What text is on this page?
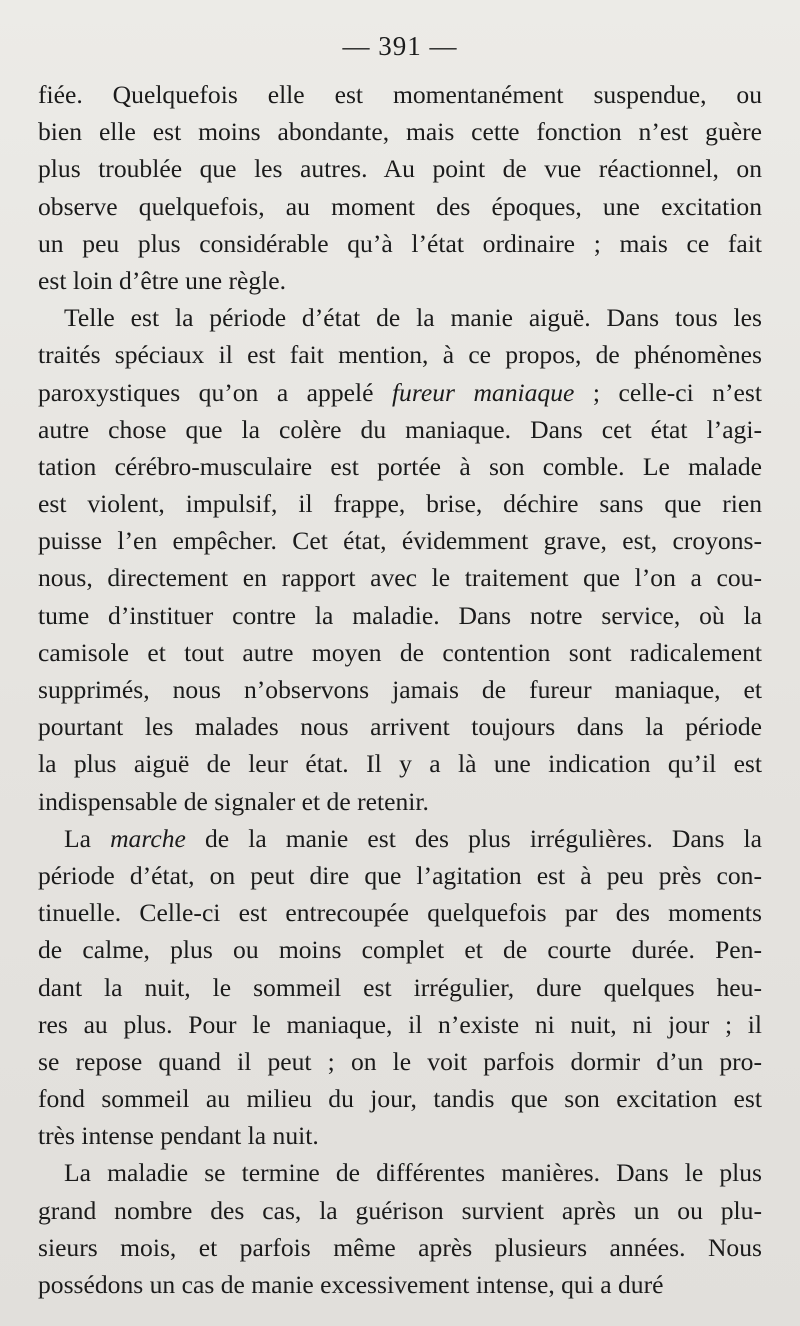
— 391 —
fiée. Quelquefois elle est momentanément suspendue, ou
bien elle est moins abondante, mais cette fonction n’est guère
plus troublée que les autres. Au point de vue réactionnel, on
observe quelquefois, au moment des époques, une excitation
un peu plus considérable qu’à l’état ordinaire ; mais ce fait
est loin d’être une règle.
Telle est la période d’état de la manie aiguë. Dans tous les
traités spéciaux il est fait mention, à ce propos, de phénomènes
paroxystiques qu’on a appelé fureur maniaque ; celle-ci n’est
autre chose que la colère du maniaque. Dans cet état l’agi-
tation cérébro-musculaire est portée à son comble. Le malade
est violent, impulsif, il frappe, brise, déchire sans que rien
puisse l’en empêcher. Cet état, évidemment grave, est, croyons-
nous, directement en rapport avec le traitement que l’on a cou-
tume d’instituer contre la maladie. Dans notre service, où la
camisole et tout autre moyen de contention sont radicalement
supprimés, nous n’observons jamais de fureur maniaque, et
pourtant les malades nous arrivent toujours dans la période
la plus aiguë de leur état. Il y a là une indication qu’il est
indispensable de signaler et de retenir.
La marche de la manie est des plus irrégulières. Dans la
période d’état, on peut dire que l’agitation est à peu près con-
tinuelle. Celle-ci est entrecoupée quelquefois par des moments
de calme, plus ou moins complet et de courte durée. Pen-
dant la nuit, le sommeil est irrégulier, dure quelques heu-
res au plus. Pour le maniaque, il n’existe ni nuit, ni jour ; il
se repose quand il peut ; on le voit parfois dormir d’un pro-
fond sommeil au milieu du jour, tandis que son excitation est
très intense pendant la nuit.
La maladie se termine de différentes manières. Dans le plus
grand nombre des cas, la guérison survient après un ou plu-
sieurs mois, et parfois même après plusieurs années. Nous
possédons un cas de manie excessivement intense, qui a duré
